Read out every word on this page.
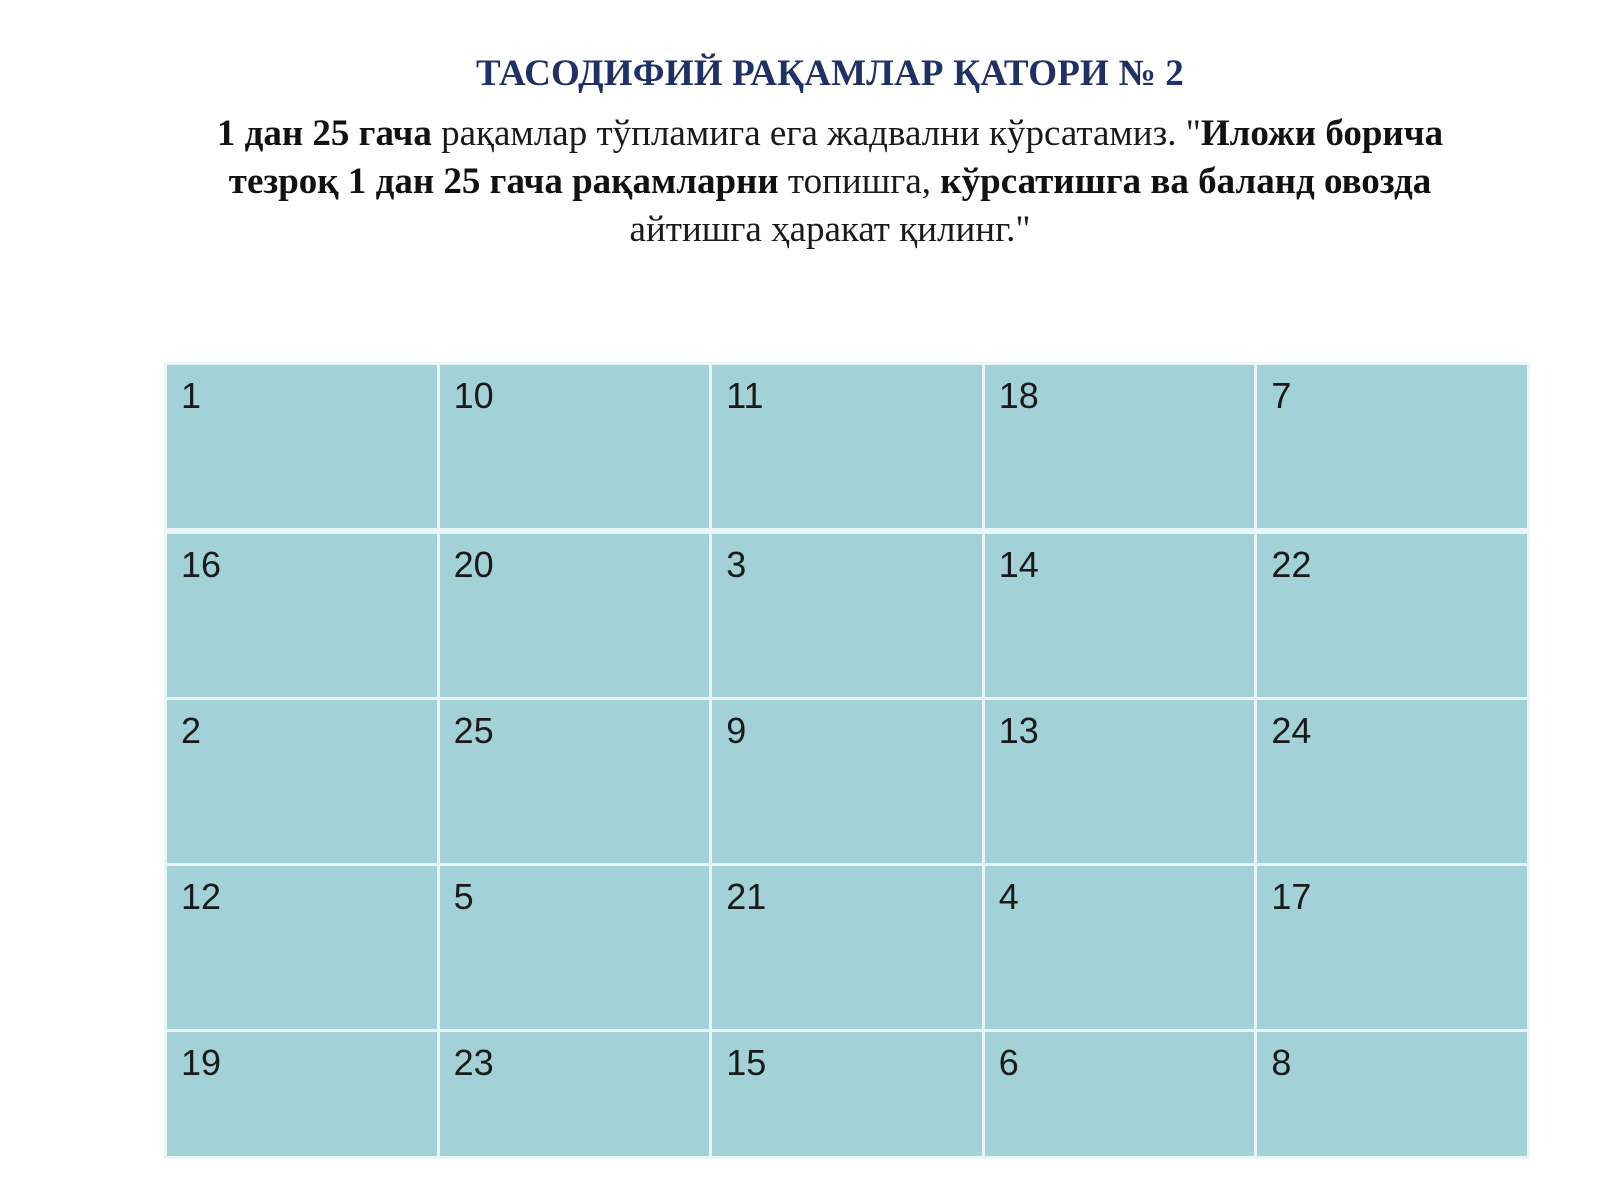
ТАСОДИФИЙ РАҚАМЛАР ҚАТОРИ № 2

1 дан 25 гача рақамлар тўпламига ега жадвални кўрсатамиз. "Иложи борича тезроқ 1 дан 25 гача рақамларни топишга, кўрсатишга ва баланд овозда айтишга ҳаракат қилинг."

1	10	11	18	7
16	20	3	14	22
2	25	9	13	24
12	5	21	4	17
19	23	15	6	8
